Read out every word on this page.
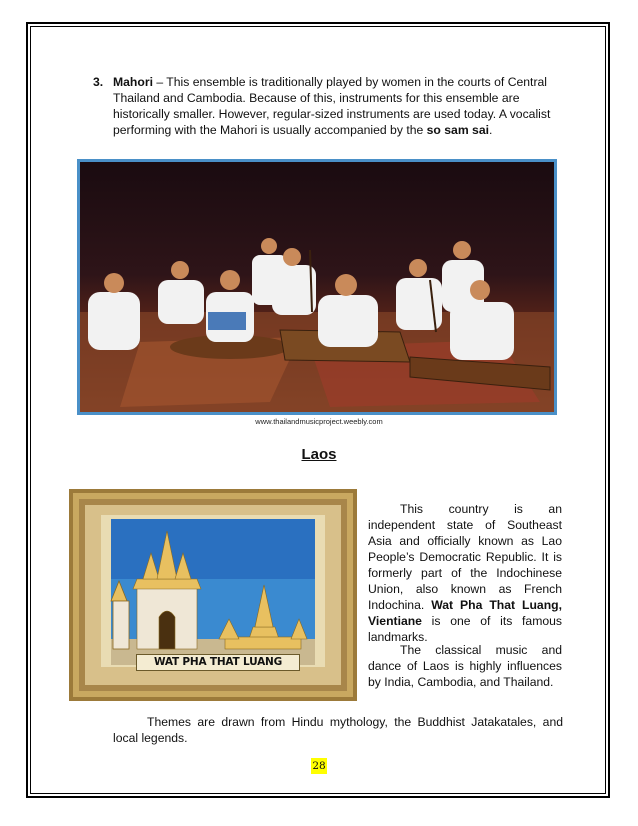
3. Mahori – This ensemble is traditionally played by women in the courts of Central Thailand and Cambodia. Because of this, instruments for this ensemble are historically smaller. However, regular-sized instruments are used today. A vocalist performing with the Mahori is usually accompanied by the so sam sai.
www.thailandmusicproject.weebly.com
Laos
WAT PHA THAT LUANG
This country is an independent state of Southeast Asia and officially known as Lao People’s Democratic Republic. It is formerly part of the Indochinese Union, also known as French Indochina. Wat Pha That Luang, Vientiane is one of its famous landmarks.
The classical music and dance of Laos is highly influences by India, Cambodia, and Thailand.
Themes are drawn from Hindu mythology, the Buddhist Jatakatales, and local legends.
28
